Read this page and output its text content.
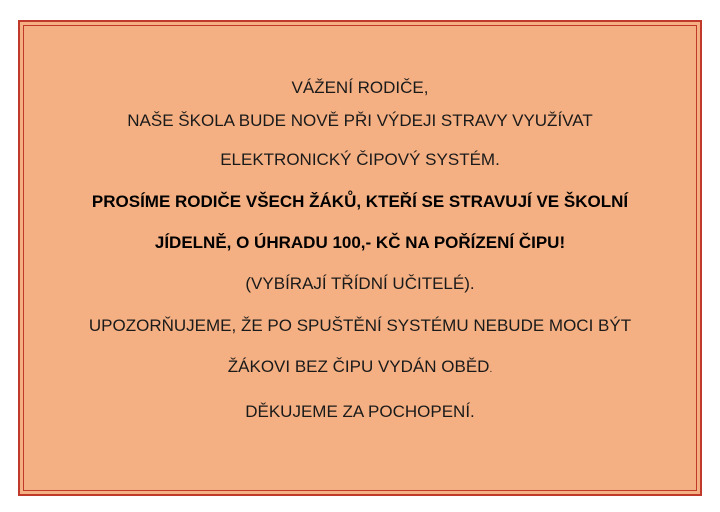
VÁŽENÍ RODIČE,
NAŠE ŠKOLA BUDE NOVĚ PŘI VÝDEJI STRAVY VYUŽÍVAT
ELEKTRONICKÝ ČIPOVÝ SYSTÉM.
PROSÍME RODIČE VŠECH ŽÁKŮ, KTEŘÍ SE STRAVUJÍ VE ŠKOLNÍ
JÍDELNĚ, O ÚHRADU 100,- KČ NA POŘÍZENÍ ČIPU!
(VYBÍRAJÍ TŘÍDNÍ UČITELÉ).
UPOZORŇUJEME, ŽE PO SPUŠTĚNÍ SYSTÉMU NEBUDE MOCI BÝT
ŽÁKOVI BEZ ČIPU VYDÁN OBĚD.
DĚKUJEME ZA POCHOPENÍ.
